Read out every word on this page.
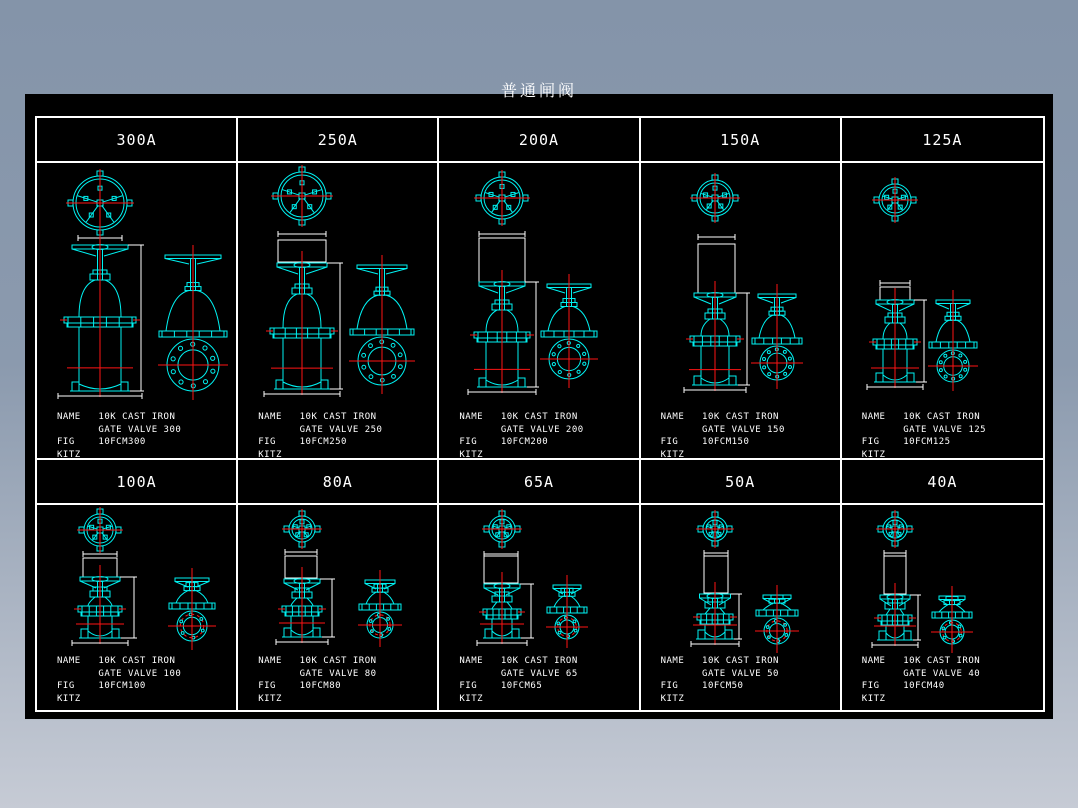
普通闸阀
300A	250A	200A	150A	125A
450
430
795
NAME   10K CAST IRON
GATE VALVE 300
FIG    10FCM300
KITZ
400
380
715
NAME   10K CAST IRON
GATE VALVE 250
FIG    10FCM250
KITZ
350
330
640
NAME   10K CAST IRON
GATE VALVE 200
FIG    10FCM200
KITZ
310
280
560
NAME   10K CAST IRON
GATE VALVE 150
FIG    10FCM150
KITZ
280
250
515
NAME   10K CAST IRON
GATE VALVE 125
FIG    10FCM125
KITZ
100A	80A	65A	50A	40A
250
220
460
NAME   10K CAST IRON
GATE VALVE 100
FIG    10FCM100
KITZ
200
200
420
NAME   10K CAST IRON
GATE VALVE 80
FIG    10FCM80
KITZ
180
190
390
NAME   10K CAST IRON
GATE VALVE 65
FIG    10FCM65
KITZ
180
180
355
NAME   10K CAST IRON
GATE VALVE 50
FIG    10FCM50
KITZ
160
160
330
NAME   10K CAST IRON
GATE VALVE 40
FIG    10FCM40
KITZ
